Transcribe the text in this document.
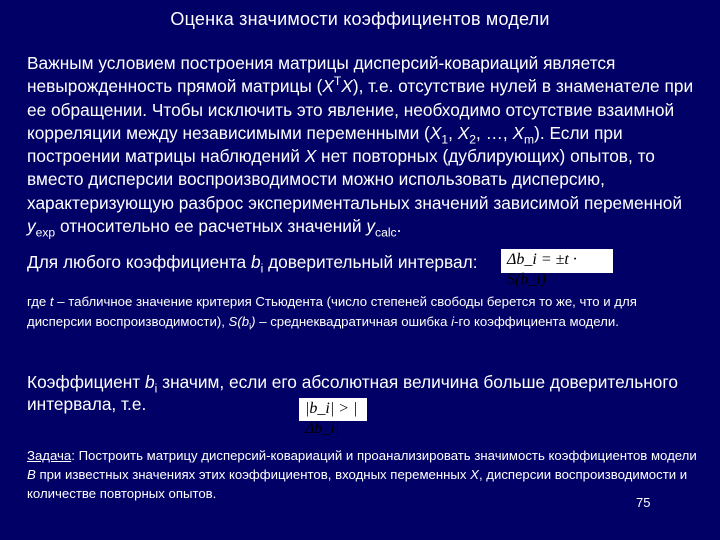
Оценка значимости коэффициентов модели
Важным условием построения матрицы дисперсий-ковариаций является невырожденность прямой матрицы $(X^TX)$, т.е. отсутствие нулей в знаменателе при ее обращении. Чтобы исключить это явление, необходимо отсутствие взаимной корреляции между независимыми переменными ($X_1$, $X_2$, …, $X_m$). Если при построении матрицы наблюдений X нет повторных (дублирующих) опытов, то вместо дисперсии воспроизводимости можно использовать дисперсию, характеризующую разброс экспериментальных значений зависимой переменной $y_{exp}$ относительно ее расчетных значений $y_{calc}$.
Для любого коэффициента $b_i$ доверительный интервал:	Δb_i = ±t · S(b_i)
где t – табличное значение критерия Стьюдента (число степеней свободы берется то же, что и для дисперсии воспроизводимости), $S(b_i)$ – среднеквадратичная ошибка i-го коэффициента модели.
Коэффициент $b_i$ значим, если его абсолютная величина больше доверительного интервала, т.е.	|b_i| > |Δb_i|
Задача: Построить матрицу дисперсий-ковариаций и проанализировать значимость коэффициентов модели B при известных значениях этих коэффициентов, входных переменных X, дисперсии воспроизводимости и количестве повторных опытов.
75
